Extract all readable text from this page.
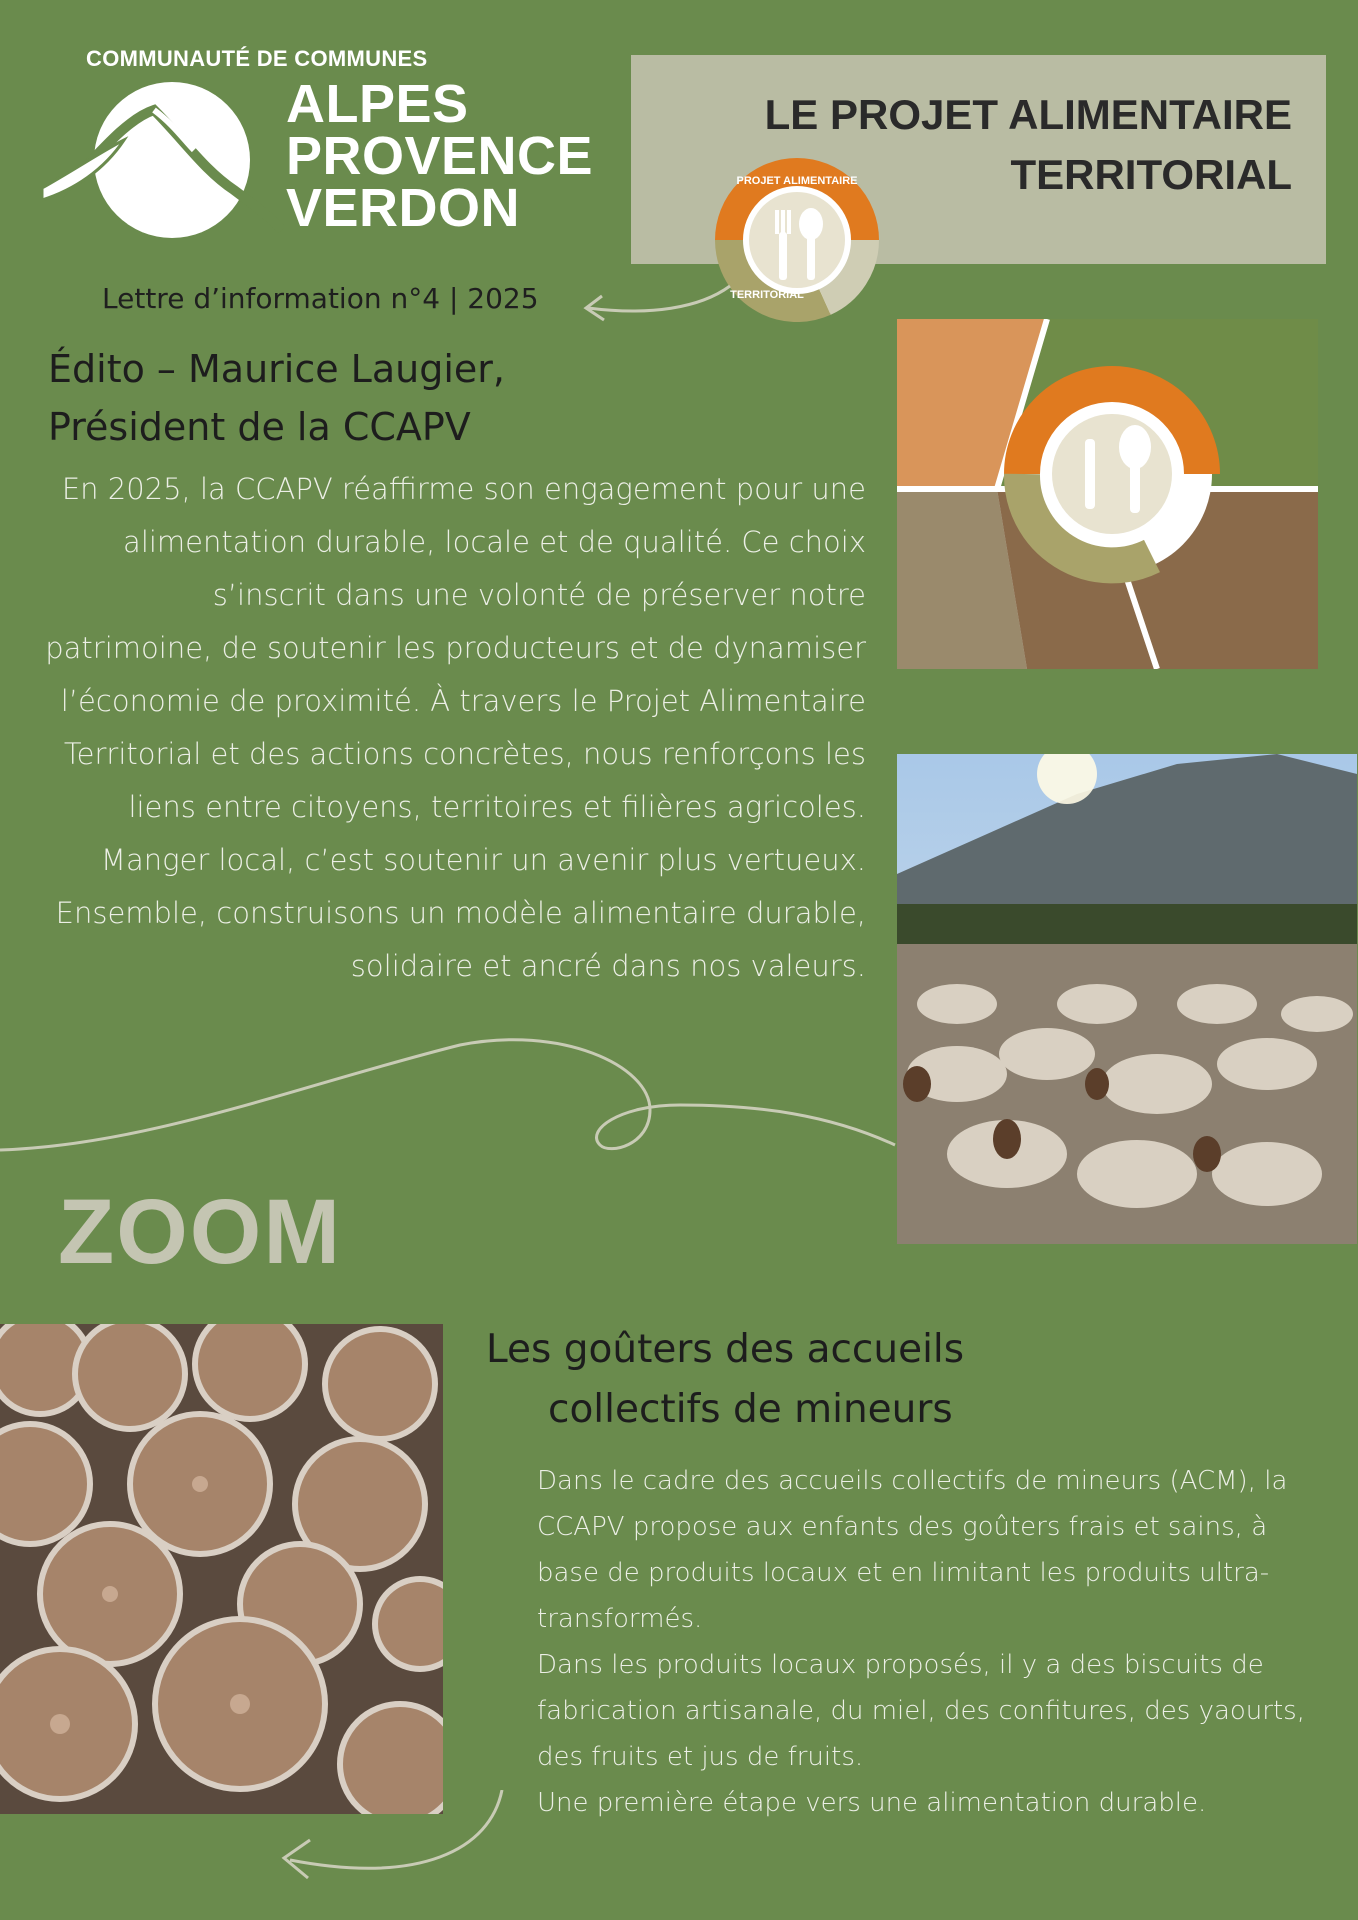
COMMUNAUTÉ DE COMMUNES
ALPES
PROVENCE
VERDON
LE PROJET ALIMENTAIRE
TERRITORIAL
PROJET ALIMENTAIRE
TERRITORIAL
Lettre d’information n°4 | 2025
Édito – Maurice Laugier,
Président de la CCAPV
En 2025, la CCAPV réaffirme son engagement pour une alimentation durable, locale et de qualité. Ce choix s’inscrit dans une volonté de préserver notre patrimoine, de soutenir les producteurs et de dynamiser l’économie de proximité. À travers le Projet Alimentaire Territorial et des actions concrètes, nous renforçons les liens entre citoyens, territoires et filières agricoles. Manger local, c’est soutenir un avenir plus vertueux. Ensemble, construisons un modèle alimentaire durable, solidaire et ancré dans nos valeurs.
ZOOM
Les goûters des accueils
collectifs de mineurs

Dans le cadre des accueils collectifs de mineurs (ACM), la CCAPV propose aux enfants des goûters frais et sains, à base de produits locaux et en limitant les produits ultra-transformés.

Dans les produits locaux proposés, il y a des biscuits de fabrication artisanale, du miel, des confitures, des yaourts, des fruits et jus de fruits.

Une première étape vers une alimentation durable.
